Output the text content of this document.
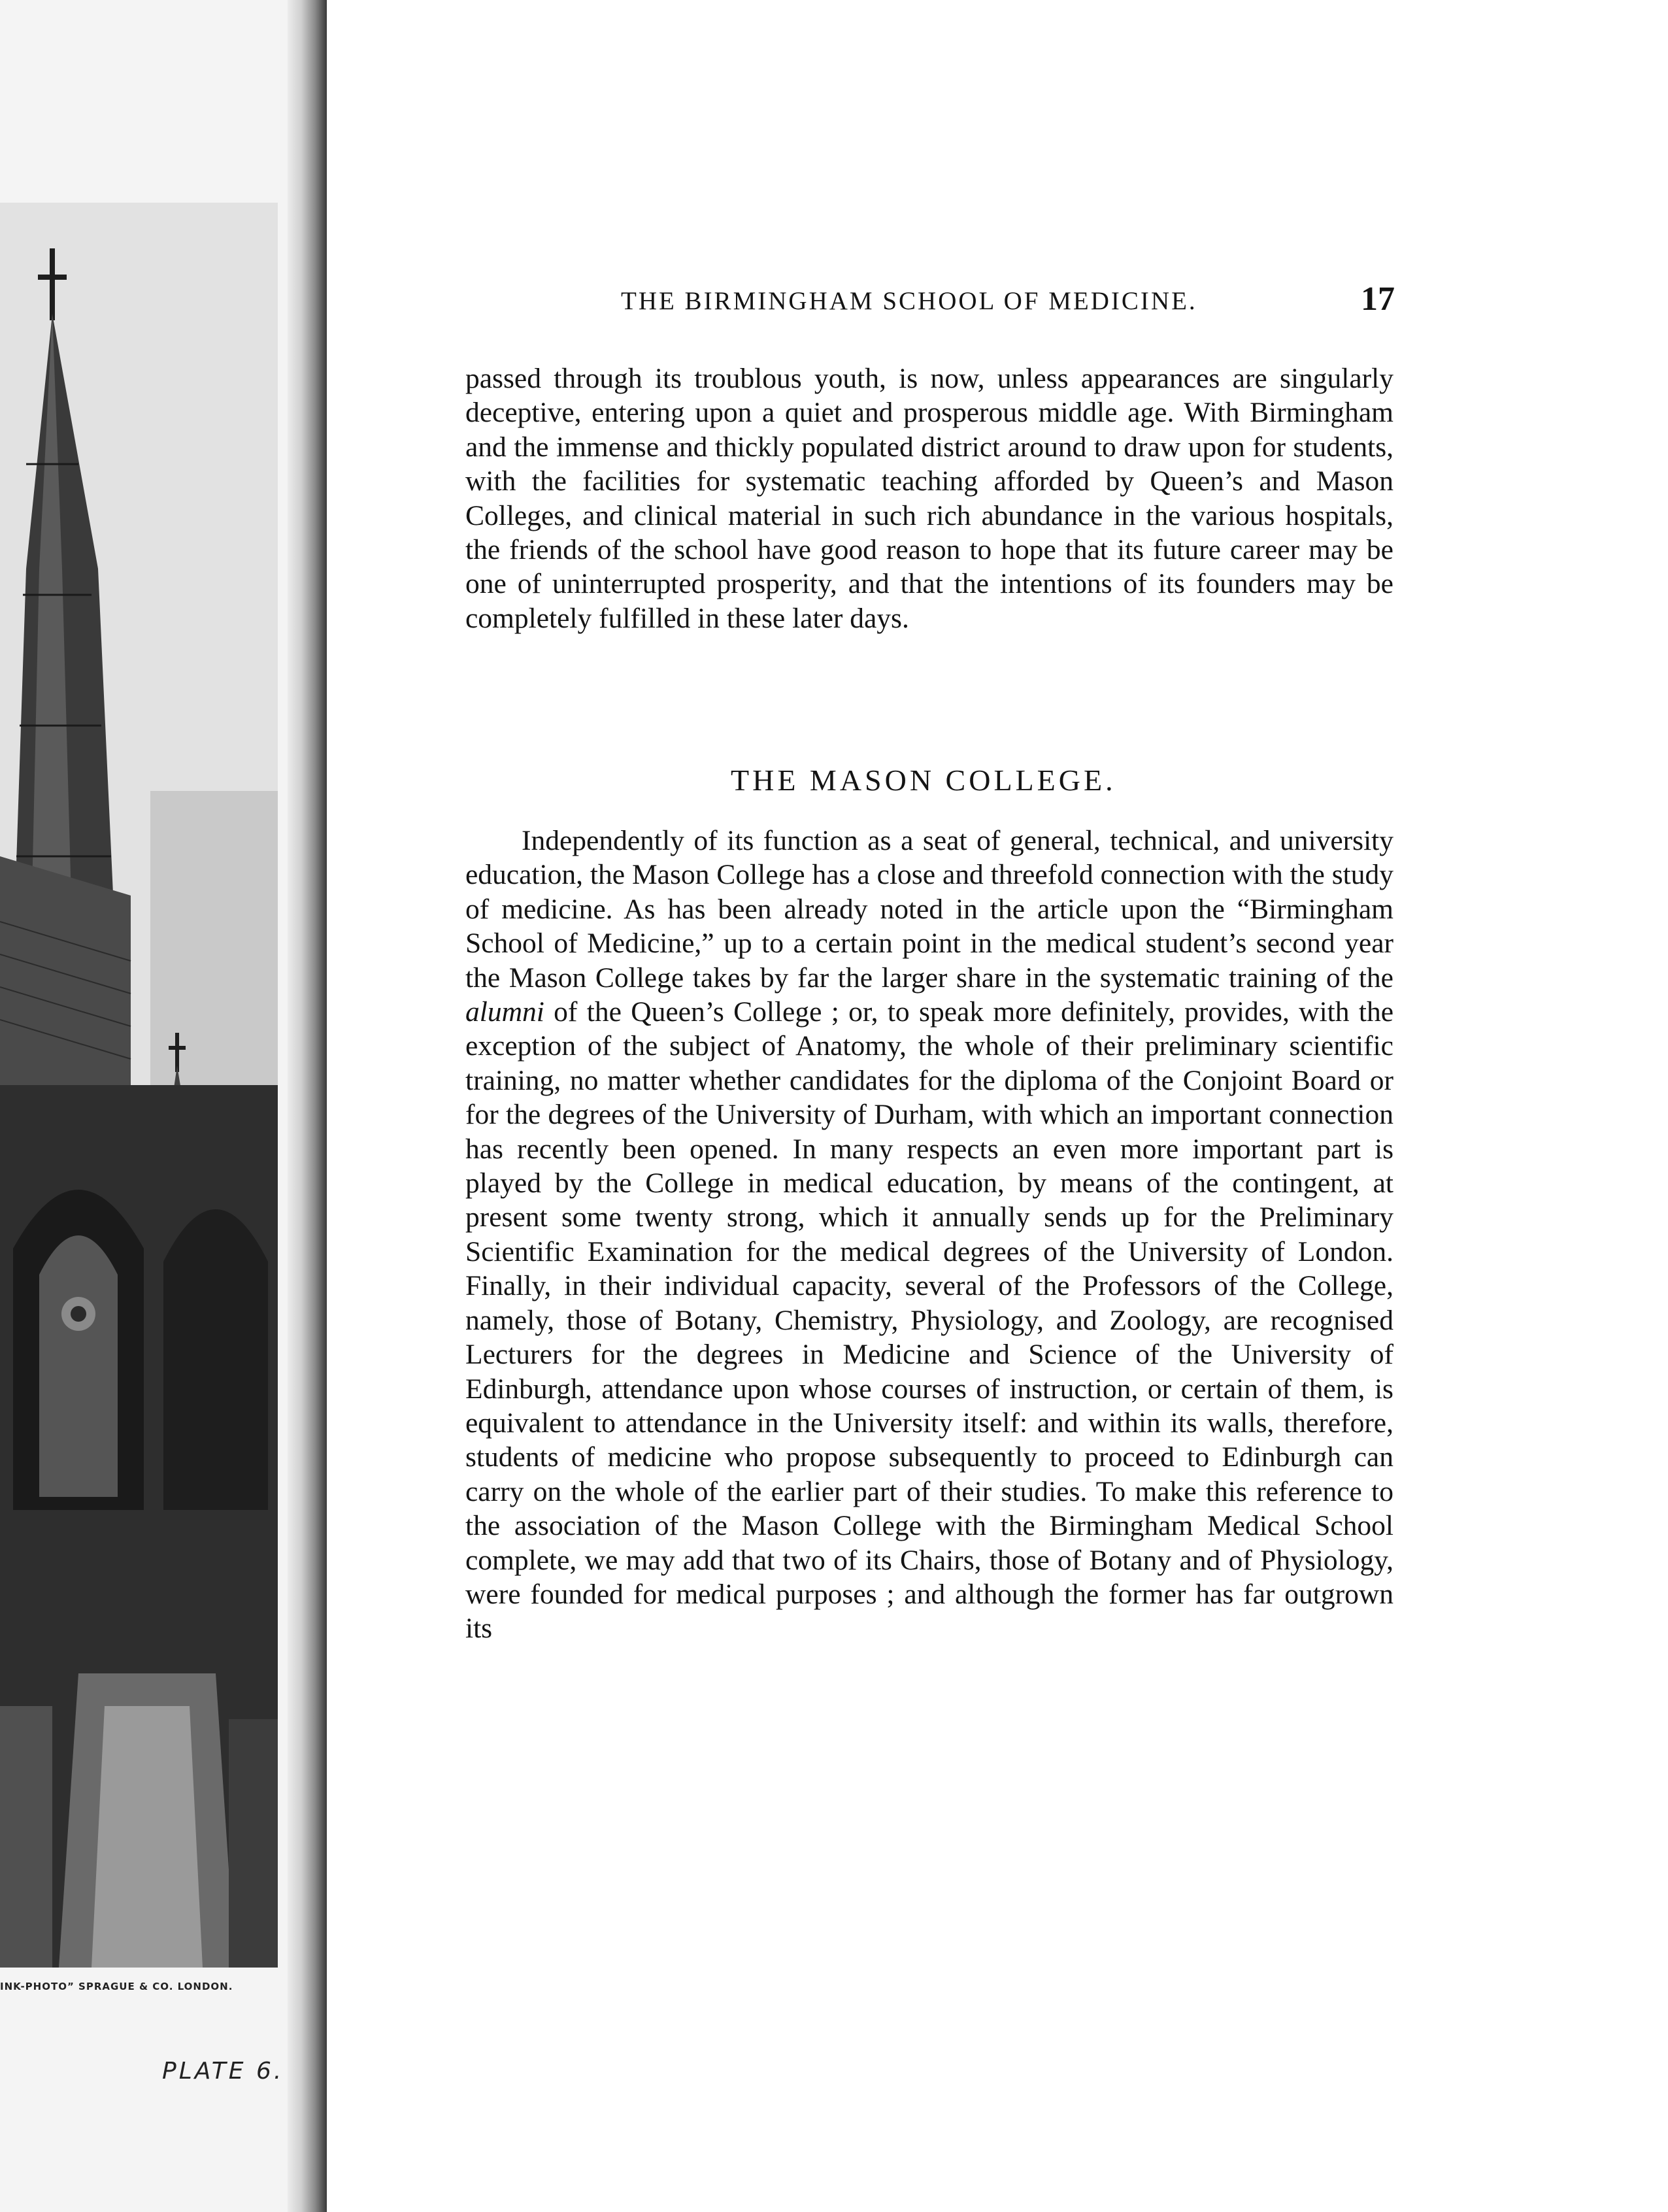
INK-PHOTO” SPRAGUE & CO. LONDON.
PLATE 6.
THE BIRMINGHAM SCHOOL OF MEDICINE.	17

passed through its troublous youth, is now, unless appearances are singularly deceptive, entering upon a quiet and prosperous middle age. With Birmingham and the immense and thickly populated district around to draw upon for students, with the facilities for systematic teaching afforded by Queen’s and Mason Colleges, and clinical material in such rich abundance in the various hospitals, the friends of the school have good reason to hope that its future career may be one of uninterrupted prosperity, and that the intentions of its founders may be completely fulfilled in these later days.

THE MASON COLLEGE.

Independently of its function as a seat of general, technical, and university education, the Mason College has a close and threefold connection with the study of medicine. As has been already noted in the article upon the “Birmingham School of Medicine,” up to a certain point in the medical student’s second year the Mason College takes by far the larger share in the systematic training of the alumni of the Queen’s College ; or, to speak more definitely, provides, with the exception of the subject of Anatomy, the whole of their preliminary scientific training, no matter whether candidates for the diploma of the Conjoint Board or for the degrees of the University of Durham, with which an important connection has recently been opened. In many respects an even more important part is played by the College in medical education, by means of the contingent, at present some twenty strong, which it annually sends up for the Preliminary Scientific Examination for the medical degrees of the University of London. Finally, in their individual capacity, several of the Professors of the College, namely, those of Botany, Chemistry, Physiology, and Zoology, are recognised Lecturers for the degrees in Medicine and Science of the University of Edinburgh, attendance upon whose courses of instruction, or certain of them, is equivalent to attendance in the University itself: and within its walls, therefore, students of medicine who propose subsequently to proceed to Edinburgh can carry on the whole of the earlier part of their studies. To make this reference to the association of the Mason College with the Birmingham Medical School complete, we may add that two of its Chairs, those of Botany and of Physiology, were founded for medical purposes ; and although the former has far outgrown its
